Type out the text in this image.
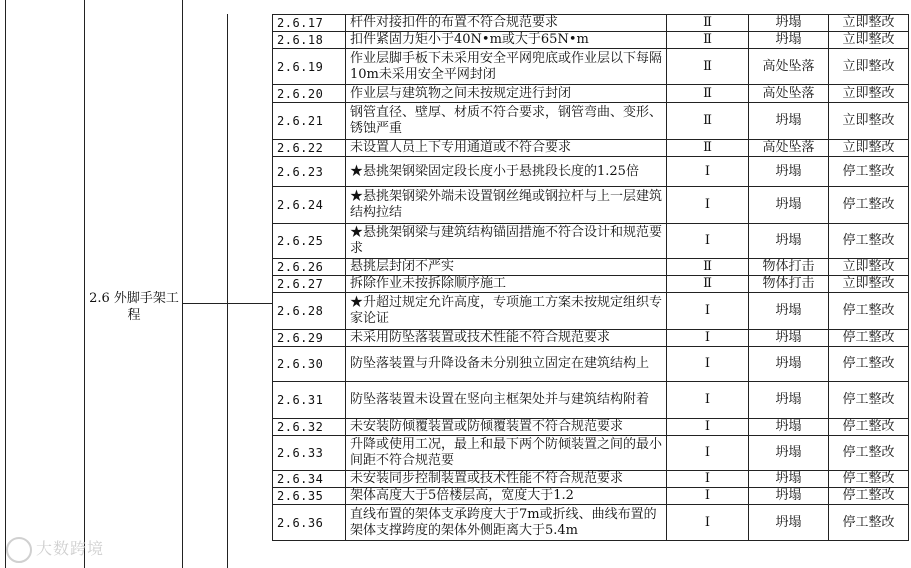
2.6 外脚手架工程
2.6.17	杆件对接扣件的布置不符合规范要求	Ⅱ	坍塌	立即整改
2.6.18	扣件紧固力矩小于40N•m或大于65N•m	Ⅱ	坍塌	立即整改
2.6.19	作业层脚手板下未采用安全平网兜底或作业层以下每隔10m未采用安全平网封闭	Ⅱ	高处坠落	立即整改
2.6.20	作业层与建筑物之间未按规定进行封闭	Ⅱ	高处坠落	立即整改
2.6.21	钢管直径、壁厚、材质不符合要求，钢管弯曲、变形、锈蚀严重	Ⅱ	坍塌	立即整改
2.6.22	未设置人员上下专用通道或不符合要求	Ⅱ	高处坠落	立即整改
2.6.23	★悬挑架钢梁固定段长度小于悬挑段长度的1.25倍	Ⅰ	坍塌	停工整改
2.6.24	★悬挑架钢梁外端未设置钢丝绳或钢拉杆与上一层建筑结构拉结	Ⅰ	坍塌	停工整改
2.6.25	★悬挑架钢梁与建筑结构锚固措施不符合设计和规范要求	Ⅰ	坍塌	停工整改
2.6.26	悬挑层封闭不严实	Ⅱ	物体打击	立即整改
2.6.27	拆除作业未按拆除顺序施工	Ⅱ	物体打击	立即整改
2.6.28	★升超过规定允许高度，专项施工方案未按规定组织专家论证	Ⅰ	坍塌	停工整改
2.6.29	未采用防坠落装置或技术性能不符合规范要求	Ⅰ	坍塌	停工整改
2.6.30	防坠落装置与升降设备未分别独立固定在建筑结构上	Ⅰ	坍塌	停工整改
2.6.31	防坠落装置未设置在竖向主框架处并与建筑结构附着	Ⅰ	坍塌	停工整改
2.6.32	未安装防倾覆装置或防倾覆装置不符合规范要求	Ⅰ	坍塌	停工整改
2.6.33	升降或使用工况，最上和最下两个防倾装置之间的最小间距不符合规范要	Ⅰ	坍塌	停工整改
2.6.34	未安装同步控制装置或技术性能不符合规范要求	Ⅰ	坍塌	停工整改
2.6.35	架体高度大于5倍楼层高，宽度大于1.2	Ⅰ	坍塌	停工整改
2.6.36	直线布置的架体支承跨度大于7m或折线、曲线布置的架体支撑跨度的架体外侧距离大于5.4m	Ⅰ	坍塌	停工整改
大数跨境
